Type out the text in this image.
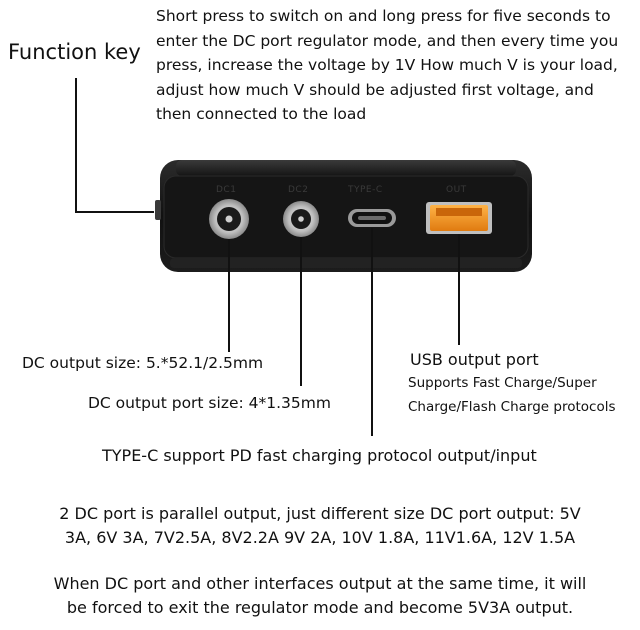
DC1	DC2	TYPE-C	OUT
Short press to switch on and long press for five seconds to
enter the DC port regulator mode, and then every time you
press, increase the voltage by 1V How much V is your load,
adjust how much V should be adjusted first voltage, and
then connected to the load
Function key
DC output size: 5.*52.1/2.5mm
DC output port size: 4*1.35mm
USB output port
Supports Fast Charge/Super
Charge/Flash Charge protocols
TYPE-C support PD fast charging protocol output/input
2 DC port is parallel output, just different size DC port output: 5V
3A, 6V 3A, 7V2.5A, 8V2.2A 9V 2A, 10V 1.8A, 11V1.6A, 12V 1.5A
When DC port and other interfaces output at the same time, it will
be forced to exit the regulator mode and become 5V3A output.
